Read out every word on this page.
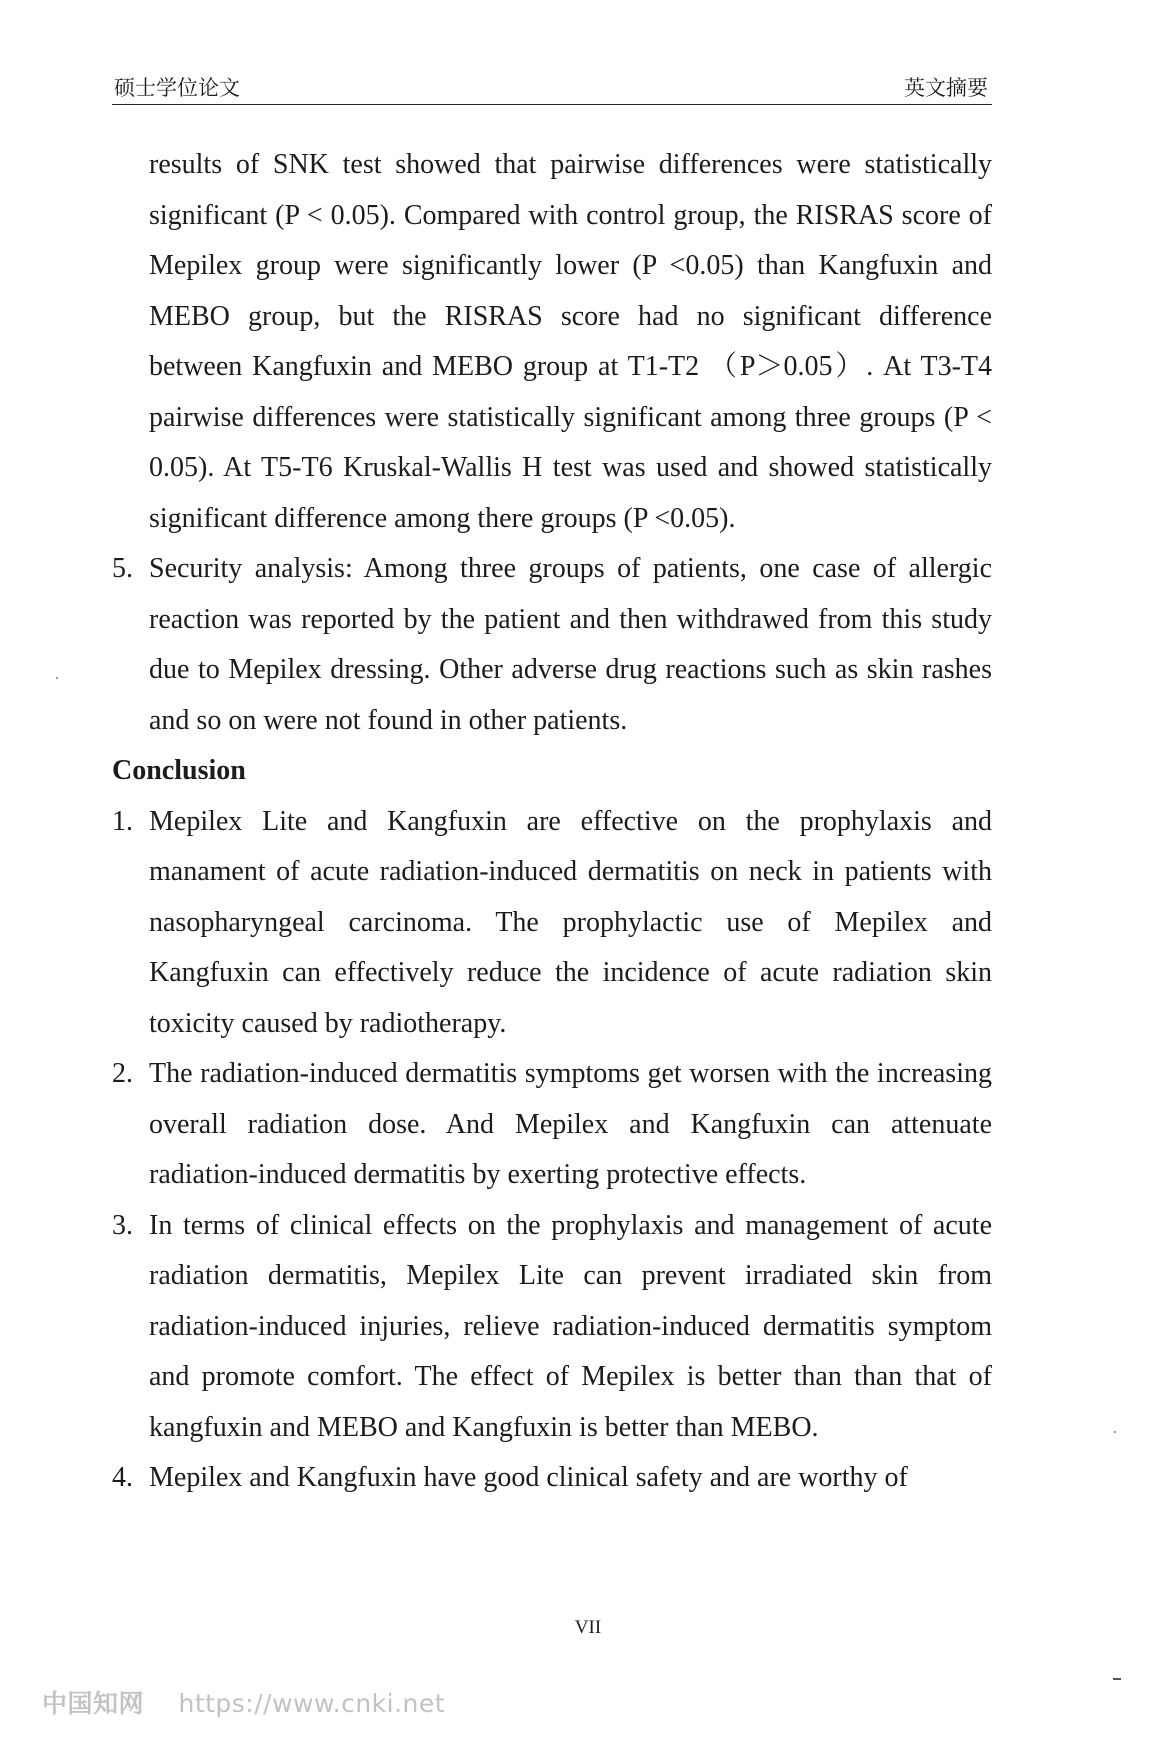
硕士学位论文	英文摘要

results of SNK test showed that pairwise differences were statistically significant (P < 0.05). Compared with control group, the RISRAS score of Mepilex group were significantly lower (P <0.05) than Kangfuxin and MEBO group, but the RISRAS score had no significant difference between Kangfuxin and MEBO group at T1-T2 （P＞0.05）. At T3-T4 pairwise differences were statistically significant among three groups (P < 0.05). At T5-T6 Kruskal-Wallis H test was used and showed statistically significant difference among there groups (P <0.05).

5. Security analysis: Among three groups of patients, one case of allergic reaction was reported by the patient and then withdrawed from this study due to Mepilex dressing. Other adverse drug reactions such as skin rashes and so on were not found in other patients.

Conclusion

1. Mepilex Lite and Kangfuxin are effective on the prophylaxis and manament of acute radiation-induced dermatitis on neck in patients with nasopharyngeal carcinoma. The prophylactic use of Mepilex and Kangfuxin can effectively reduce the incidence of acute radiation skin toxicity caused by radiotherapy.
2. The radiation-induced dermatitis symptoms get worsen with the increasing overall radiation dose. And Mepilex and Kangfuxin can attenuate radiation-induced dermatitis by exerting protective effects.
3. In terms of clinical effects on the prophylaxis and management of acute radiation dermatitis, Mepilex Lite can prevent irradiated skin from radiation-induced injuries, relieve radiation-induced dermatitis symptom and promote comfort. The effect of Mepilex is better than than that of kangfuxin and MEBO and Kangfuxin is better than MEBO.
4. Mepilex and Kangfuxin have good clinical safety and are worthy of
VII
中国知网 https://www.cnki.net
